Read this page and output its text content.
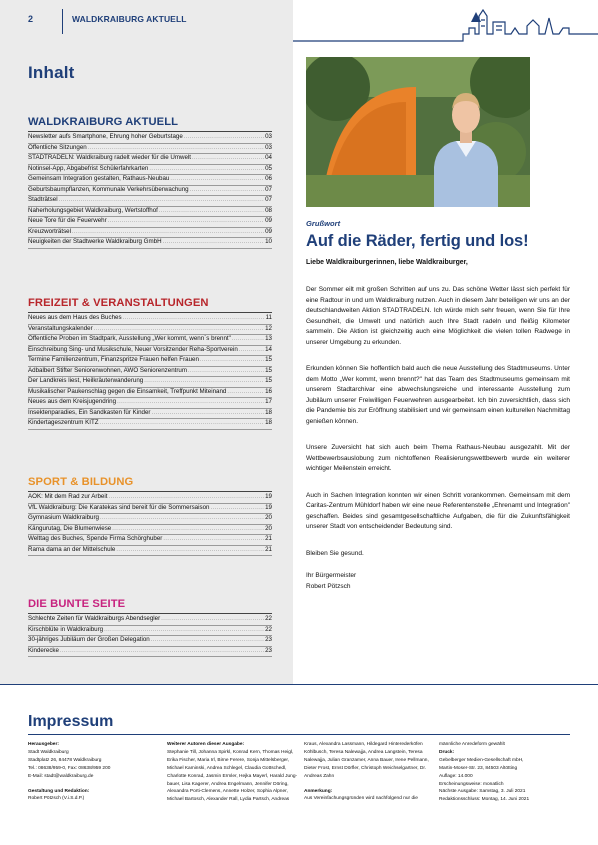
2	WALDKRAIBURG AKTUELL
Inhalt
WALDKRAIBURG AKTUELL
Newsletter aufs Smartphone, Ehrung hoher Geburtstage .....	03
Öffentliche Sitzungen .....	03
STADTRADELN: Waldkraiburg radelt wieder für die Umwelt .....	04
Notinsel-App, Abgabefrist Schülerfahrkarten .....	05
Gemeinsam Integration gestalten, Rathaus-Neubau .....	06
Geburtsbaumpflanzen, Kommunale Verkehrsüberwachung .....	07
Stadträtsel .....	07
Naherholungsgebiet Waldkraiburg, Wertstoffhof .....	08
Neue Tore für die Feuerwehr .....	09
Kreuzworträtsel .....	09
Neuigkeiten der Stadtwerke Waldkraiburg GmbH .....	10
FREIZEIT & VERANSTALTUNGEN
Neues aus dem Haus des Buches .....	11
Veranstaltungskalender .....	12
Öffentliche Proben im Stadtpark, Ausstellung „Wer kommt, wenn´s brennt" .....	13
Einschreibung Sing- und Musikschule, Neuer Vorsitzender Reha-Sportverein .....	14
Termine Familienzentrum, Finanzspritze Frauen helfen Frauen .....	15
Adbalbert Stifter Seniorenwohnen, AWO Seniorenzentrum .....	15
Der Landkreis liest, Heilkräuterwanderung .....	15
Musikalischer Paukenschlag gegen die Einsamkeit, Treffpunkt Miteinand .....	16
Neues aus dem Kreisjugendring .....	17
Insektenparadies, Ein Sandkasten für Kinder .....	18
Kindertageszentrum KITZ .....	18
SPORT & BILDUNG
AOK: Mit dem Rad zur Arbeit .....	19
VfL Waldkraiburg: Die Karatekas sind bereit für die Sommersaison .....	19
Gymnasium Waldkraiburg .....	20
Kängurutag, Die Blumenwiese .....	20
Welttag des Buches, Spende Firma Schörghuber .....	21
Rama dama an der Mittelschule .....	21
DIE BUNTE SEITE
Schlechte Zeiten für Waldkraiburgs Abendsegler .....	22
Kirschblüte in Waldkraiburg .....	22
30-jähriges Jubiläum der Großen Delegation .....	23
Kinderecke .....	23
Grußwort
Auf die Räder, fertig und los!
Liebe Waldkraiburgerinnen, liebe Waldkraiburger,

Der Sommer eilt mit großen Schritten auf uns zu. Das schöne Wetter lässt sich perfekt für eine Radtour in und um Waldkraiburg nutzen. Auch in diesem Jahr beteiligen wir uns an der deutschlandweiten Aktion STADTRADELN. Ich würde mich sehr freuen, wenn Sie für Ihre Gesundheit, die Umwelt und natürlich auch Ihre Stadt radeln und fleißig Kilometer sammeln. Die Aktion ist gleichzeitig auch eine Möglichkeit die vielen tollen Radwege in unserer Umgebung zu erkunden.

Erkunden können Sie hoffentlich bald auch die neue Ausstellung des Stadtmuseums. Unter dem Motto „Wer kommt, wenn brennt?" hat das Team des Stadtmuseums gemeinsam mit unserem Stadtarchivar eine abwechslungsreiche und interessante Ausstellung zum Jubiläum unserer Freiwilligen Feuerwehren ausgearbeitet. Ich bin zuversichtlich, dass sich die Pandemie bis zur Eröffnung stabilisiert und wir gemeinsam einen kulturellen Nachmittag genießen können.

Unsere Zuversicht hat sich auch beim Thema Rathaus-Neubau ausgezahlt. Mit der Wettbewerbsauslobung zum nichtoffenen Realisierungswettbewerb wurde ein weiterer wichtiger Meilenstein erreicht.

Auch in Sachen Integration konnten wir einen Schritt vorankommen. Gemeinsam mit dem Caritas-Zentrum Mühldorf haben wir eine neue Referentenstelle „Ehrenamt und Integration" geschaffen. Beides sind gesamtgesellschaftliche Aufgaben, die für die Zukunftsfähigkeit unserer Stadt von entscheidender Bedeutung sind.

Bleiben Sie gesund.

Ihr Bürgermeister

Robert Pötzsch

Impressum
Herausgeber:
Stadt Waldkraiburg
Stadtplatz 26, 84478 Waldkraiburg
Tel.: 08638/959-0, Fax: 08638/959 200
E-Mail: stadt@waldkraiburg.de
Gestaltung und Redaktion:
Robert Pötzsch (V.i.S.d.P.)
Weiterer Autoren dieser Ausgabe:
Stephanie Till, Johanna Spirkl, Konrad Kern, Thomas Heigl,
Erika Fischer, Maria Irl, Birne Ferere, Sonja Mittelsberger,
Michael Kaminski, Andrea Schlegel, Claudia Gottschedl,
Charlotte Konrad, Jasmin Ermler, Hejka Mayerl, Harald Jung-
bauer, Lisa Kagerer, Andrea Engelmann, Jennifer Döring,
Alexandra Porti-Clemens, Annette Holzer, Sophia Alpner,
Michael Bartosch, Alexander Rall, Lydia Partsch, Andreas
Kraus, Alexandra Lassmann, Hildegard Hinterederköfen
Köhlbusch, Teresa Nalewajja, Andrea Langstein, Teresa
Nalewajja, Julian Granzamer, Anna Bauer, Irene Pellmann,
Dieter Frost, Ernst Dörfler, Christoph Weichselgartner, Dr.
Andreas Zahn
Anmerkung:
Aus Vereinfachungsgründen wird nachfolgend nur die
männliche Anredeform gewählt
Druck:
Gebelberger Medien-Gesellschaft mbH,
Martin-Moser-Str. 23, 84503 Altötting
Auflage: 14.000
Erscheinungsweise: monatlich
Nächste Ausgabe: Samstag, 3. Juli 2021
Redaktionsschluss: Montag, 14. Juni 2021
